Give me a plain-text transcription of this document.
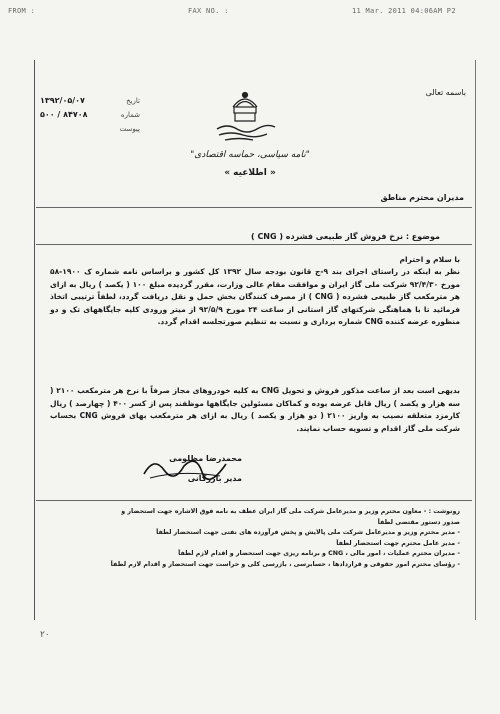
FROM :	FAX NO. :	11 Mar. 2011 04:06AM P2
۱۳۹۲/۰۵/۰۷	تاریخ
۵۰۰ / ۸۴۷۰۸	شماره
پیوست
باسمه تعالی
"نامه سیاسی، حماسه اقتصادی"
« اطلاعیه »
مدیران محترم مناطق
موضوع : نرخ فروش گاز طبیعی فشرده ( CNG )
با سلام و احترام
نظر به اینکه در راستای اجرای بند ۹-ج قانون بودجه سال ۱۳۹۲ کل کشور و براساس نامه شماره ک ۱۹۰۰-۵۸ مورخ ۹۲/۴/۳۰ شرکت ملی گاز ایران و موافقت مقام عالی وزارت، مقرر گردیده مبلغ ۱۰۰ ( یکصد ) ریال به ازای هر مترمکعب گاز طبیعی فشرده ( CNG ) از مصرف کنندگان بخش حمل و نقل دریافت گردد، لطفاً ترتیبی اتخاذ فرمائید تا با هماهنگی شرکتهای گاز استانی از ساعت ۲۴ مورخ ۹۲/۵/۹ از میتر ورودی کلیه جایگاههای تک و دو منظوره عرضه کننده CNG شماره برداری و نسبت به تنظیم صورتجلسه اقدام گردد.
بدیهی است بعد از ساعت مذکور فروش و تحویل CNG به کلیه خودروهای مجاز صرفاً با نرخ هر مترمکعب ۲۱۰۰ ( سه هزار و یکصد ) ریال قابل عرضه بوده و کماکان مسئولین جایگاهها موظفند پس از کسر ۴۰۰ ( چهارصد ) ریال کارمزد متعلقه نصیب به واریز ۲۱۰۰ ( دو هزار و یکصد ) ریال به ازای هر مترمکعب بهای فروش CNG بحساب شرکت ملی گاز اقدام و تسویه حساب نمایند.
محمدرضا مظلومی
مدیر بازرگانی
رونوشت : - معاون محترم وزیر و مدیرعامل شرکت ملی گاز ایران عطف به نامه فوق الاشاره جهت استحضار و
صدور دستور مقتضی لطفاً
- مدیر محترم وزیر و مدیرعامل شرکت ملی پالایش و پخش فرآورده های نفتی جهت استحضار لطفاً
- مدیر عامل محترم جهت استحضار لطفاً
- مدیران محترم عملیات ، امور مالی ، CNG و برنامه ریزی جهت استحضار و اقدام لازم لطفاً
- رؤسای محترم امور حقوقی و قراردادها ، حسابرسی ، بازرسی کلی و حراست جهت استحضار و اقدام لازم لطفاً
۲۰
